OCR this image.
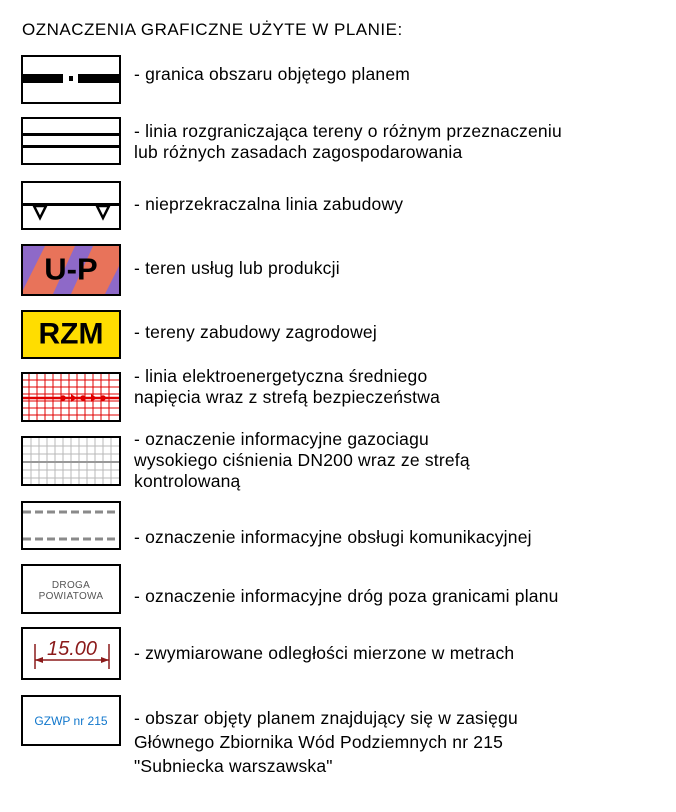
OZNACZENIA GRAFICZNE UŻYTE W PLANIE:
- granica obszaru objętego planem
- linia rozgraniczająca tereny o różnym przeznaczeniu
lub różnych zasadach zagospodarowania
- nieprzekraczalna linia zabudowy
U-P	- teren usług lub produkcji
RZM	- tereny zabudowy zagrodowej
- linia elektroenergetyczna średniego
napięcia wraz z strefą bezpieczeństwa
- oznaczenie informacyjne gazociagu
wysokiego ciśnienia DN200 wraz ze strefą
kontrolowaną
- oznaczenie informacyjne obsługi komunikacyjnej
DROGA
POWIATOWA	- oznaczenie informacyjne dróg poza granicami planu
15.00 - zwymiarowane odległości mierzone w metrach
GZWP nr 215	- obszar objęty planem znajdujący się w zasięgu
Głównego Zbiornika Wód Podziemnych nr 215
"Subniecka warszawska"
